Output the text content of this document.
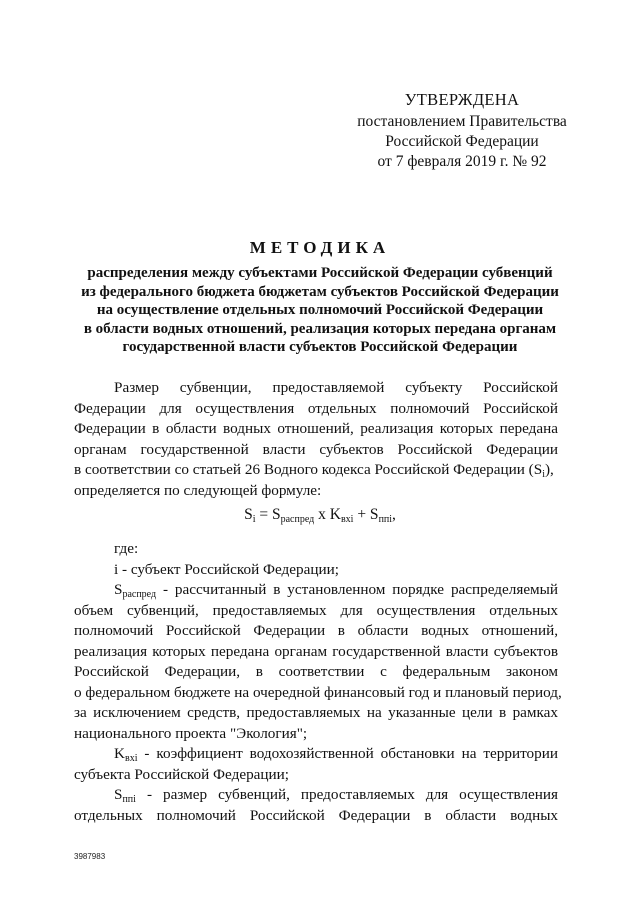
УТВЕРЖДЕНА
постановлением Правительства
Российской Федерации
от 7 февраля 2019 г. № 92
МЕТОДИКА
распределения между субъектами Российской Федерации субвенций
из федерального бюджета бюджетам субъектов Российской Федерации
на осуществление отдельных полномочий Российской Федерации
в области водных отношений, реализация которых передана органам
государственной власти субъектов Российской Федерации
Размер субвенции, предоставляемой субъекту Российской
Федерации для осуществления отдельных полномочий Российской
Федерации в области водных отношений, реализация которых передана
органам государственной власти субъектов Российской Федерации
в соответствии со статьей 26 Водного кодекса Российской Федерации $(S_i)$,
определяется по следующей формуле:
$S_i = S_{распред}$ x $K_{вхi} + S_{ппi}$,
где:
i - субъект Российской Федерации;
$S_{распред}$ - рассчитанный в установленном порядке распределяемый
объем субвенций, предоставляемых для осуществления отдельных
полномочий Российской Федерации в области водных отношений,
реализация которых передана органам государственной власти субъектов
Российской Федерации, в соответствии с федеральным законом
о федеральном бюджете на очередной финансовый год и плановый период,
за исключением средств, предоставляемых на указанные цели в рамках
национального проекта "Экология";
$K_{вхi}$ - коэффициент водохозяйственной обстановки на территории
субъекта Российской Федерации;
$S_{ппi}$ - размер субвенций, предоставляемых для осуществления
отдельных полномочий Российской Федерации в области водных
3987983
